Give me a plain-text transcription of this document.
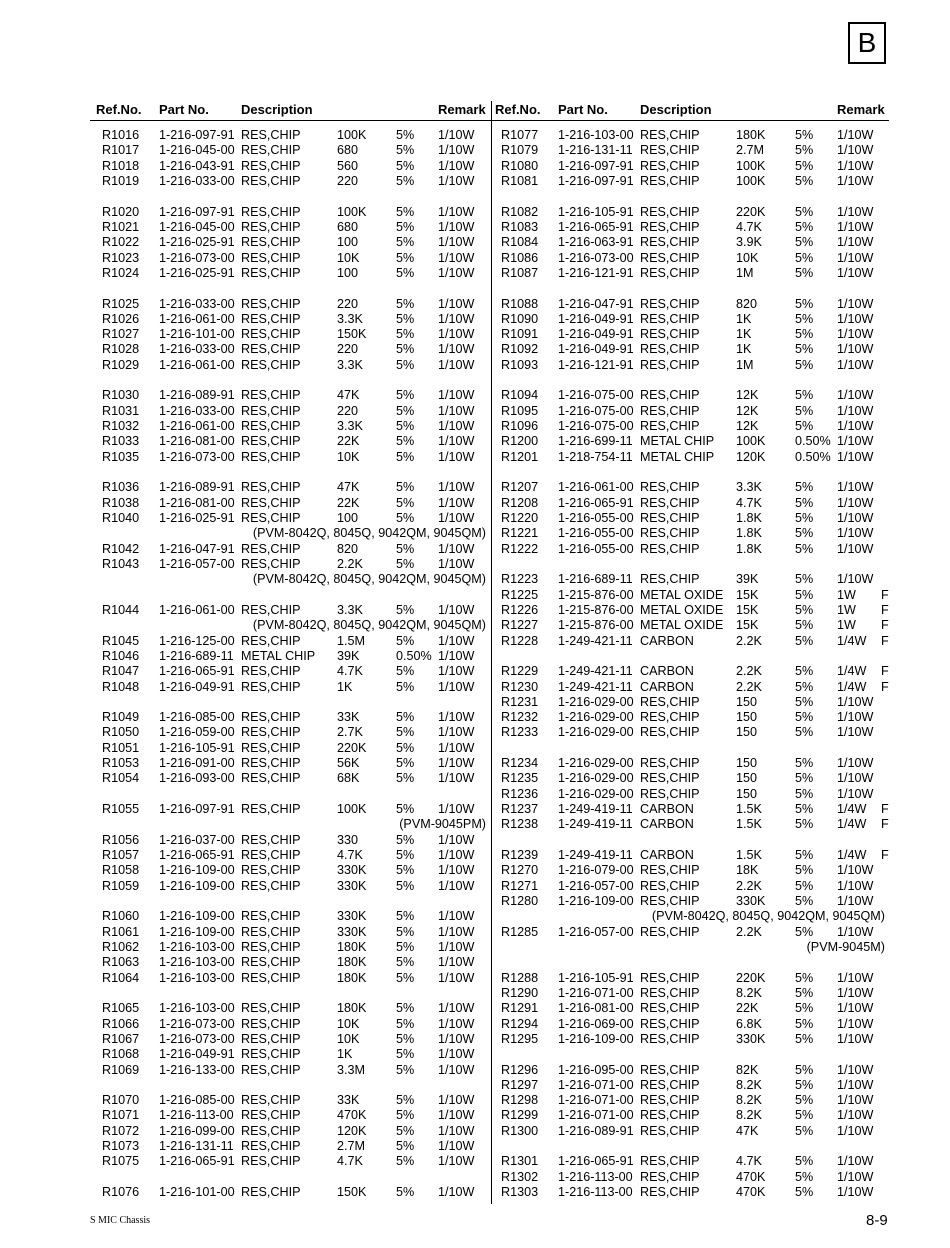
B
Ref.No. Part No. Description	Remark Ref.No. Part No. Description	Remark
R1016 1-216-097-91 RES,CHIP	100K 5% 1/10W
R1017 1-216-045-00 RES,CHIP	680	5% 1/10W
R1018 1-216-043-91 RES,CHIP	560	5% 1/10W
R1019 1-216-033-00 RES,CHIP	220	5% 1/10W
R1020 1-216-097-91 RES,CHIP	100K 5% 1/10W
R1021 1-216-045-00 RES,CHIP	680	5% 1/10W
R1022 1-216-025-91 RES,CHIP	100	5% 1/10W
R1023 1-216-073-00 RES,CHIP	10K	5% 1/10W
R1024 1-216-025-91 RES,CHIP	100	5% 1/10W
R1025 1-216-033-00 RES,CHIP	220	5% 1/10W
R1026 1-216-061-00 RES,CHIP	3.3K	5% 1/10W
R1027 1-216-101-00 RES,CHIP	150K 5% 1/10W
R1028 1-216-033-00 RES,CHIP	220	5% 1/10W
R1029 1-216-061-00 RES,CHIP	3.3K	5% 1/10W
R1030 1-216-089-91 RES,CHIP	47K	5% 1/10W
R1031 1-216-033-00 RES,CHIP	220	5% 1/10W
R1032 1-216-061-00 RES,CHIP	3.3K	5% 1/10W
R1033 1-216-081-00 RES,CHIP	22K	5% 1/10W
R1035 1-216-073-00 RES,CHIP	10K	5% 1/10W
R1036 1-216-089-91 RES,CHIP	47K	5% 1/10W
R1038 1-216-081-00 RES,CHIP	22K	5% 1/10W
R1040 1-216-025-91 RES,CHIP	100	5% 1/10W
(PVM-8042Q, 8045Q, 9042QM, 9045QM)
R1042 1-216-047-91 RES,CHIP	820	5% 1/10W
R1043 1-216-057-00 RES,CHIP	2.2K	5% 1/10W
(PVM-8042Q, 8045Q, 9042QM, 9045QM)
R1044 1-216-061-00 RES,CHIP	3.3K	5% 1/10W
(PVM-8042Q, 8045Q, 9042QM, 9045QM)
R1045 1-216-125-00 RES,CHIP	1.5M 5% 1/10W
R1046 1-216-689-11 METAL CHIP 39K	0.50% 1/10W
R1047 1-216-065-91 RES,CHIP	4.7K	5% 1/10W
R1048 1-216-049-91 RES,CHIP	1K	5% 1/10W
R1049 1-216-085-00 RES,CHIP	33K	5% 1/10W
R1050 1-216-059-00 RES,CHIP	2.7K	5% 1/10W
R1051 1-216-105-91 RES,CHIP	220K 5% 1/10W
R1053 1-216-091-00 RES,CHIP	56K	5% 1/10W
R1054 1-216-093-00 RES,CHIP	68K	5% 1/10W
R1055 1-216-097-91 RES,CHIP	100K 5% 1/10W
(PVM-9045PM)
R1056 1-216-037-00 RES,CHIP	330	5% 1/10W
R1057 1-216-065-91 RES,CHIP	4.7K	5% 1/10W
R1058 1-216-109-00 RES,CHIP	330K 5% 1/10W
R1059 1-216-109-00 RES,CHIP	330K 5% 1/10W
R1060 1-216-109-00 RES,CHIP	330K 5% 1/10W
R1061 1-216-109-00 RES,CHIP	330K 5% 1/10W
R1062 1-216-103-00 RES,CHIP	180K 5% 1/10W
R1063 1-216-103-00 RES,CHIP	180K 5% 1/10W
R1064 1-216-103-00 RES,CHIP	180K 5% 1/10W
R1065 1-216-103-00 RES,CHIP	180K 5% 1/10W
R1066 1-216-073-00 RES,CHIP	10K	5% 1/10W
R1067 1-216-073-00 RES,CHIP	10K	5% 1/10W
R1068 1-216-049-91 RES,CHIP	1K	5% 1/10W
R1069 1-216-133-00 RES,CHIP	3.3M 5% 1/10W
R1070 1-216-085-00 RES,CHIP	33K	5% 1/10W
R1071 1-216-113-00 RES,CHIP	470K 5% 1/10W
R1072 1-216-099-00 RES,CHIP	120K 5% 1/10W
R1073 1-216-131-11 RES,CHIP	2.7M 5% 1/10W
R1075 1-216-065-91 RES,CHIP	4.7K	5% 1/10W
R1076 1-216-101-00 RES,CHIP	150K 5% 1/10W
R1077 1-216-103-00 RES,CHIP	180K 5% 1/10W
R1079 1-216-131-11 RES,CHIP	2.7M 5% 1/10W
R1080 1-216-097-91 RES,CHIP	100K 5% 1/10W
R1081 1-216-097-91 RES,CHIP	100K 5% 1/10W
R1082 1-216-105-91 RES,CHIP	220K 5% 1/10W
R1083 1-216-065-91 RES,CHIP	4.7K	5% 1/10W
R1084 1-216-063-91 RES,CHIP	3.9K	5% 1/10W
R1086 1-216-073-00 RES,CHIP	10K	5% 1/10W
R1087 1-216-121-91 RES,CHIP	1M	5% 1/10W
R1088 1-216-047-91 RES,CHIP	820	5% 1/10W
R1090 1-216-049-91 RES,CHIP	1K	5% 1/10W
R1091 1-216-049-91 RES,CHIP	1K	5% 1/10W
R1092 1-216-049-91 RES,CHIP	1K	5% 1/10W
R1093 1-216-121-91 RES,CHIP	1M	5% 1/10W
R1094 1-216-075-00 RES,CHIP	12K	5% 1/10W
R1095 1-216-075-00 RES,CHIP	12K	5% 1/10W
R1096 1-216-075-00 RES,CHIP	12K	5% 1/10W
R1200 1-216-699-11 METAL CHIP 100K 0.50% 1/10W
R1201 1-218-754-11 METAL CHIP 120K 0.50% 1/10W
R1207 1-216-061-00 RES,CHIP	3.3K	5% 1/10W
R1208 1-216-065-91 RES,CHIP	4.7K	5% 1/10W
R1220 1-216-055-00 RES,CHIP	1.8K	5% 1/10W
R1221 1-216-055-00 RES,CHIP	1.8K	5% 1/10W
R1222 1-216-055-00 RES,CHIP	1.8K	5% 1/10W
R1223 1-216-689-11 RES,CHIP	39K	5% 1/10W
R1225 1-215-876-00 METAL OXIDE 15K	5% 1W F
R1226 1-215-876-00 METAL OXIDE 15K	5% 1W F
R1227 1-215-876-00 METAL OXIDE 15K	5% 1W F
R1228 1-249-421-11 CARBON	2.2K	5% 1/4W F
R1229 1-249-421-11 CARBON	2.2K	5% 1/4W F
R1230 1-249-421-11 CARBON	2.2K	5% 1/4W F
R1231 1-216-029-00 RES,CHIP	150	5% 1/10W
R1232 1-216-029-00 RES,CHIP	150	5% 1/10W
R1233 1-216-029-00 RES,CHIP	150	5% 1/10W
R1234 1-216-029-00 RES,CHIP	150	5% 1/10W
R1235 1-216-029-00 RES,CHIP	150	5% 1/10W
R1236 1-216-029-00 RES,CHIP	150	5% 1/10W
R1237 1-249-419-11 CARBON	1.5K	5% 1/4W F
R1238 1-249-419-11 CARBON	1.5K	5% 1/4W F
R1239 1-249-419-11 CARBON	1.5K	5% 1/4W F
R1270 1-216-079-00 RES,CHIP	18K	5% 1/10W
R1271 1-216-057-00 RES,CHIP	2.2K	5% 1/10W
R1280 1-216-109-00 RES,CHIP	330K 5% 1/10W
(PVM-8042Q, 8045Q, 9042QM, 9045QM)
R1285 1-216-057-00 RES,CHIP	2.2K	5% 1/10W
(PVM-9045M)
R1288 1-216-105-91 RES,CHIP	220K 5% 1/10W
R1290 1-216-071-00 RES,CHIP	8.2K	5% 1/10W
R1291 1-216-081-00 RES,CHIP	22K	5% 1/10W
R1294 1-216-069-00 RES,CHIP	6.8K	5% 1/10W
R1295 1-216-109-00 RES,CHIP	330K 5% 1/10W
R1296 1-216-095-00 RES,CHIP	82K	5% 1/10W
R1297 1-216-071-00 RES,CHIP	8.2K	5% 1/10W
R1298 1-216-071-00 RES,CHIP	8.2K	5% 1/10W
R1299 1-216-071-00 RES,CHIP	8.2K	5% 1/10W
R1300 1-216-089-91 RES,CHIP	47K	5% 1/10W
R1301 1-216-065-91 RES,CHIP	4.7K	5% 1/10W
R1302 1-216-113-00 RES,CHIP	470K 5% 1/10W
R1303 1-216-113-00 RES,CHIP	470K 5% 1/10W
S MIC Chassis	8-9
